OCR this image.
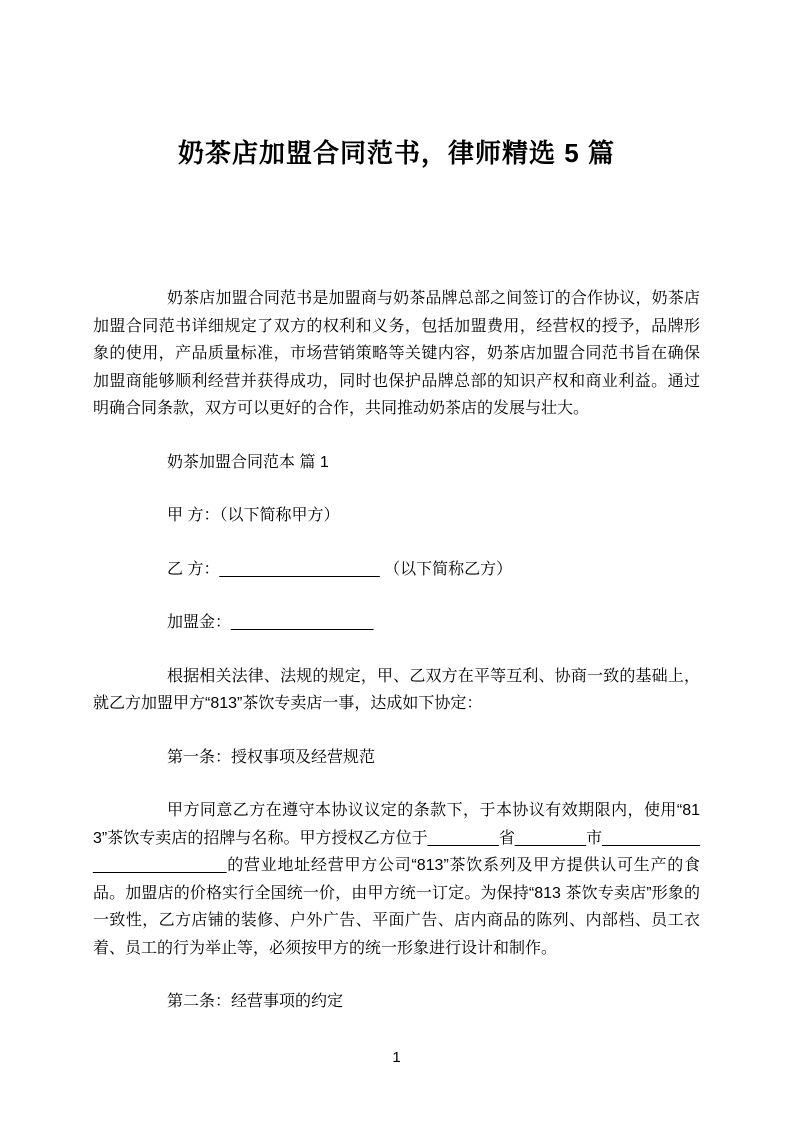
奶茶店加盟合同范书，律师精选 5 篇

奶茶店加盟合同范书是加盟商与奶茶品牌总部之间签订的合作协议，奶茶店加盟合同范书详细规定了双方的权利和义务，包括加盟费用，经营权的授予，品牌形象的使用，产品质量标准，市场营销策略等关键内容，奶茶店加盟合同范书旨在确保加盟商能够顺利经营并获得成功，同时也保护品牌总部的知识产权和商业利益。通过明确合同条款，双方可以更好的合作，共同推动奶茶店的发展与壮大。

奶茶加盟合同范本 篇 1

甲 方：（以下简称甲方）

乙 方：__________________ （以下简称乙方）

加盟金：________________

根据相关法律、法规的规定，甲、乙双方在平等互利、协商一致的基础上，就乙方加盟甲方“813”茶饮专卖店一事，达成如下协定：

第一条：授权事项及经营规范

甲方同意乙方在遵守本协议议定的条款下，于本协议有效期限内，使用“813”茶饮专卖店的招牌与名称。甲方授权乙方位于________省________市__________________________的营业地址经营甲方公司“813”茶饮系列及甲方提供认可生产的食品。加盟店的价格实行全国统一价，由甲方统一订定。为保持“813 茶饮专卖店”形象的一致性，乙方店铺的装修、户外广告、平面广告、店内商品的陈列、内部档、员工衣着、员工的行为举止等，必须按甲方的统一形象进行设计和制作。

第二条：经营事项的约定

1
